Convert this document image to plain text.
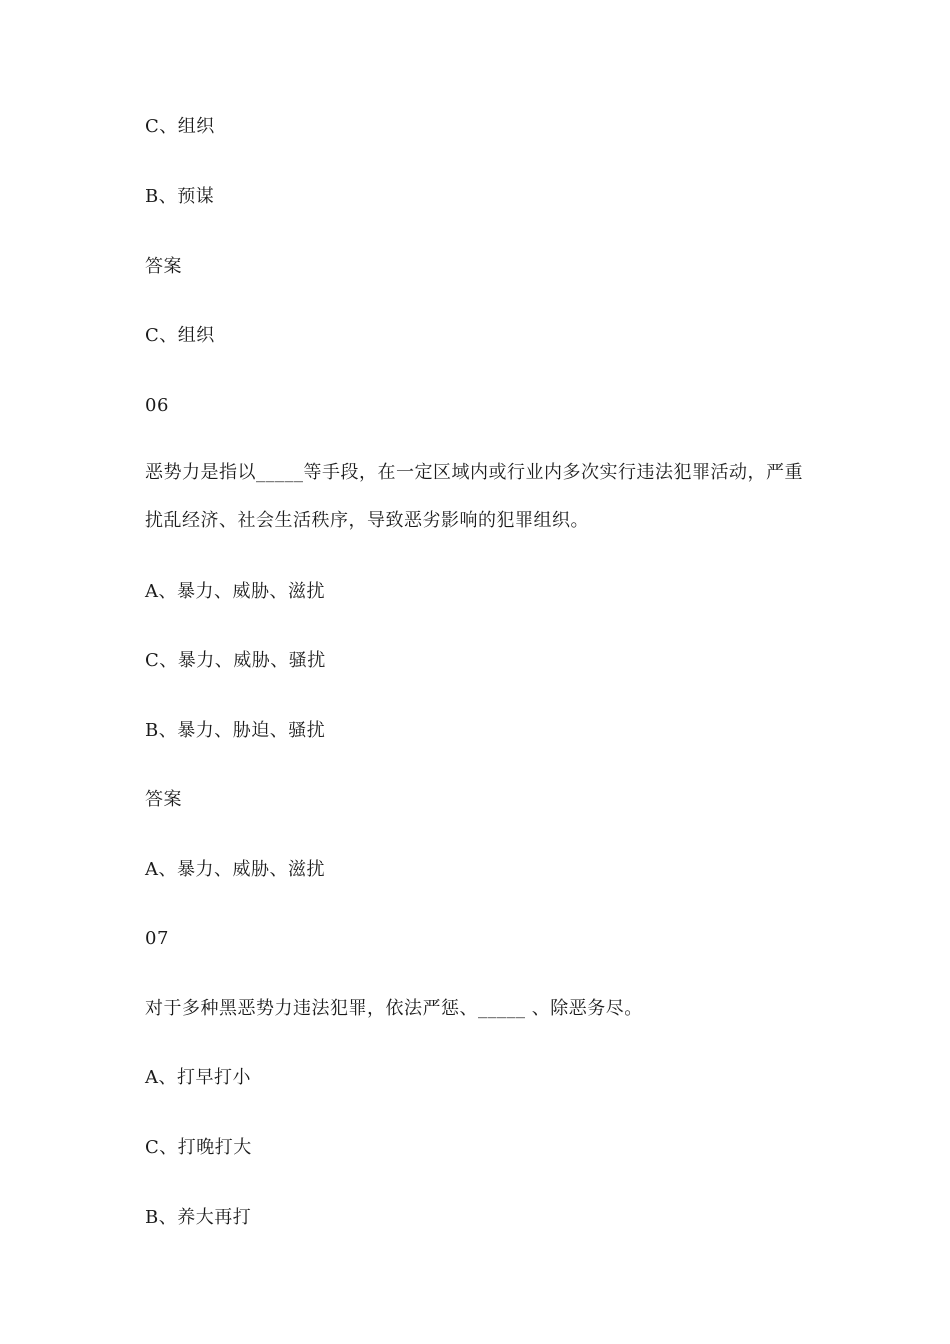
C、组织
B、预谋
答案
C、组织
06
恶势力是指以_____等手段，在一定区域内或行业内多次实行违法犯罪活动，严重扰乱经济、社会生活秩序，导致恶劣影响的犯罪组织。
A、暴力、威胁、滋扰
C、暴力、威胁、骚扰
B、暴力、胁迫、骚扰
答案
A、暴力、威胁、滋扰
07
对于多种黑恶势力违法犯罪，依法严惩、_____ 、除恶务尽。
A、打早打小
C、打晚打大
B、养大再打
